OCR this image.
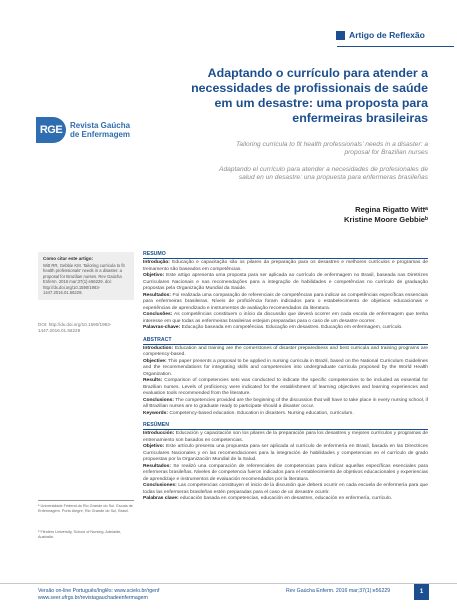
Artigo de Reflexão
Adaptando o currículo para atender a necessidades de profissionais de saúde em um desastre: uma proposta para enfermeiras brasileiras

Tailoring curricula to fit health professionals' needs in a disaster: a proposal for Brazilian nurses

Adaptando el currículo para atender a necesidades de profesionales de salud en un desastre: una propuesta para enfermeras brasileñas

RGE Revista Gaúcha
de Enfermagem
Regina Rigatto Wittᵃ
Kristine Moore Gebbieᵇ
Como citar este artigo:
Witt RR, Gebbie KM. Tailoring curricula to fit health professionals' needs in a disaster: a proposal for Brazilian nurses. Rev Gaúcha Enferm. 2016 mar;37(1):e56229. doi: http://dx.doi.org/10.1590/1983-1447.2016.01.56229.
DOI: http://dx.doi.org/10.1590/1983-1447.2016.01.56229

ᵃ Universidade Federal do Rio Grande do Sul. Escola de Enfermagem. Porto Alegre, Rio Grande do Sul, Brasil.

ᵇ Flinders University, School of Nursing. Adelaide, Australia.

RESUMO

Introdução: Educação e capacitação são os pilares da preparação para os desastres e melhores currículos e programas de treinamento são baseados em competências.

Objetivo: Este artigo apresenta uma proposta para ser aplicada ao currículo de enfermagem no Brasil, baseada nas Diretrizes Curriculares Nacionais e nas recomendações para a integração de habilidades e competências no currículo de graduação propostas pela Organização Mundial da Saúde.

Resultados: Foi realizada uma comparação de referenciais de competências para indicar as competências específicas essenciais para enfermeiras brasileiras. Níveis de proficiência foram indicados para o estabelecimento de objetivos educacionais e experiências de aprendizado e instrumentos de avaliação recomendados da literatura.

Conclusões: As competências constituem o início da discussão que deverá ocorrer em cada escola de enfermagem que tenha interesse em que todas as enfermeiras brasileiras estejam preparadas para o caso de um desastre ocorrer.

Palavras-chave: Educação baseada em competências. Educação em desastres. Educação em enfermagem, currículo.

ABSTRACT

Introduction: Education and training are the cornerstones of disaster preparedness and best curricula and training programs are competency-based.

Objective: This paper presents a proposal to be applied in nursing curricula in Brazil, based on the National Curriculum Guidelines and the recommendations for integrating skills and competencies into undergraduate curricula proposed by the World Health Organization.

Results: Comparison of competencies sets was conducted to indicate the specific competencies to be included as essential for Brazilian nurses. Levels of proficiency were indicated for the establishment of learning objectives and learning experiences and evaluation tools recommended from the literature.

Conclusions: The competencies provided are the beginning of the discussion that will have to take place in every nursing school, if all Brazilian nurses are to graduate ready to participate should a disaster occur.

Keywords: Competency-based education. Education in disasters. Nursing education, curriculum.

RESÚMEN

Introducción: Educación y capacitación son los pilares de la preparación para los desastres y mejores currículos y programas de entrenamiento son basados en competencias.

Objetivo: Este artículo presenta una propuesta para ser aplicada al currículo de enfermería en Brasil, basada en las Directrices Curriculares Nacionales y en las recomendaciones para la integración de habilidades y competencias en el currículo de grado propuestas por la Organización Mundial de la Salud.

Resultados: Se realizó una comparación de referenciales de competencias para indicar aquellas específicas esenciales para enfermeras brasileñas. Niveles de competencia fueron indicados para el establecimiento de objetivos educacionales y experiencias de aprendizaje e instrumentos de evaluación recomendados por la literatura.

Conclusiones: Las competencias constituyen el inicio de la discusión que deberá ocurrir en cada escuela de enfermería para que todas las enfermeras brasileñas estén preparadas para el caso de un desastre ocurrir.

Palabras clave: educación basada en competencias, educación en desastres, educación en enfermería, currículo.

Versão on-line Português/Inglês: www.scielo.br/rgenf
www.seer.ufrgs.br/revistagauchadeenfermagem
Rev Gaúcha Enferm. 2016 mar;37(1):e56229	1
